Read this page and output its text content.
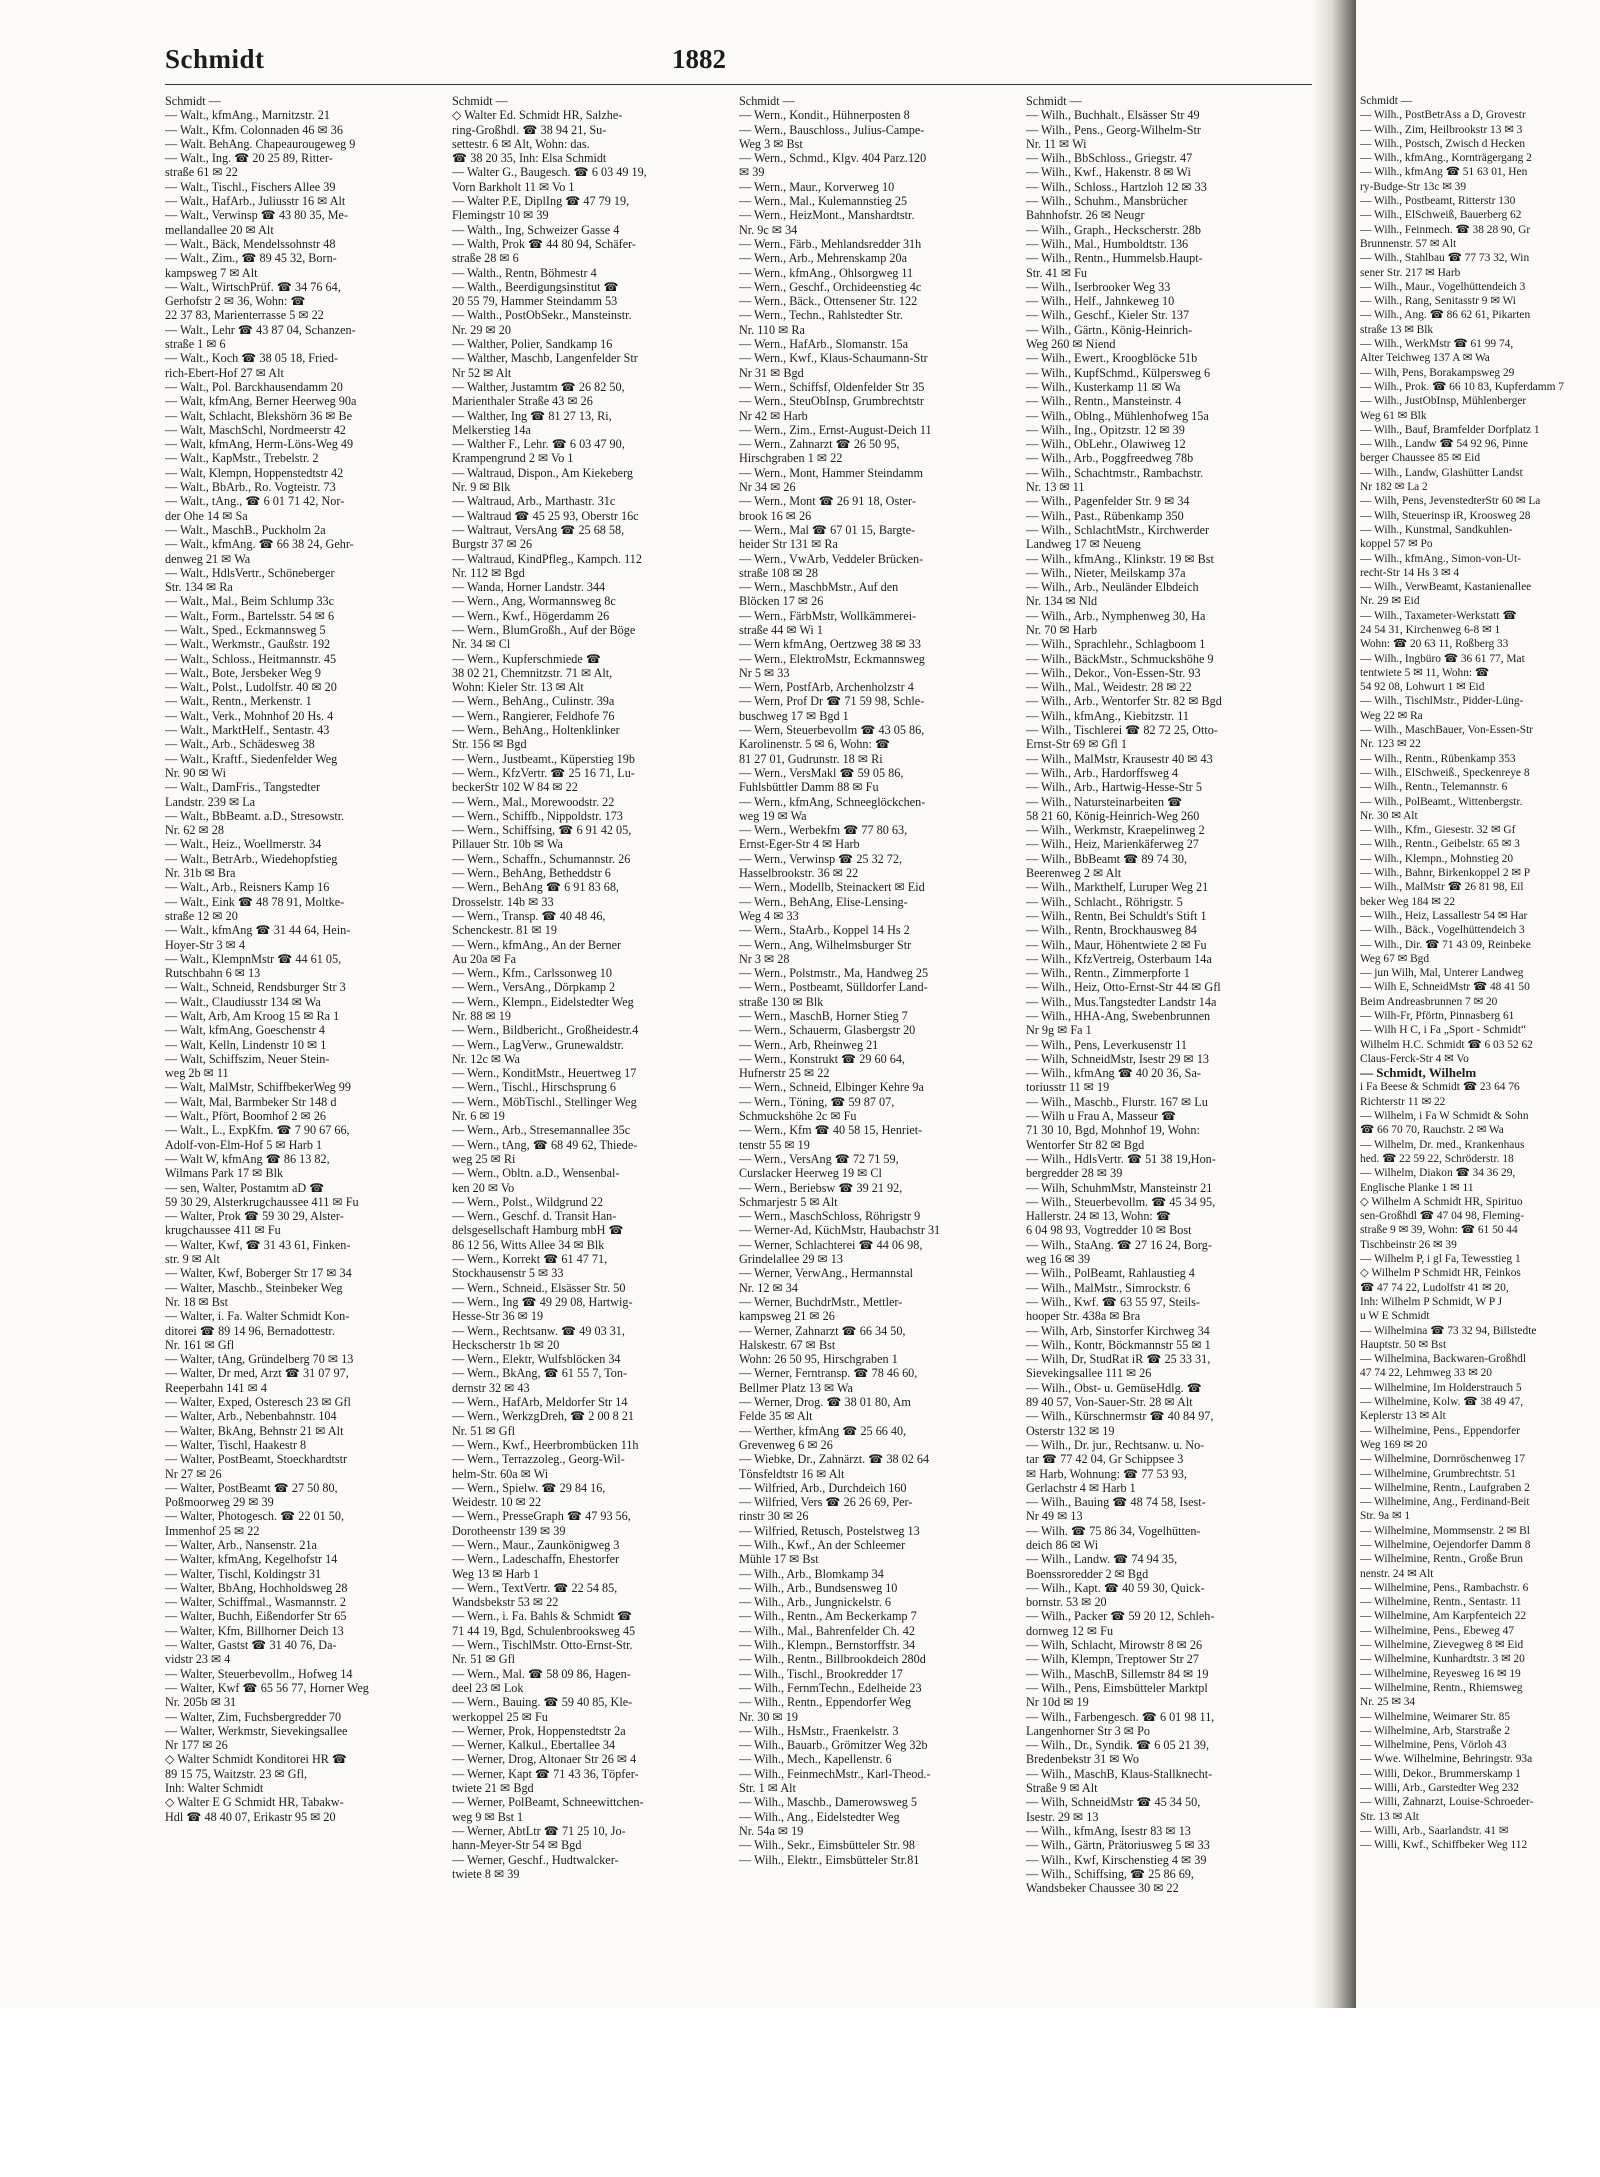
Schmidt	1882
Schmidt —
— Walt., kfmAng., Marnitzstr. 21
— Walt., Kfm. Colonnaden 46 ✉ 36
— Walt. BehAng. Chapeaurougeweg 9
— Walt., Ing. ☎ 20 25 89, Ritter-
straße 61 ✉ 22
— Walt., Tischl., Fischers Allee 39
— Walt., HafArb., Juliusstr 16 ✉ Alt
— Walt., Verwinsp ☎ 43 80 35, Me-
mellandallee 20 ✉ Alt
— Walt., Bäck, Mendelssohnstr 48
— Walt., Zim., ☎ 89 45 32, Born-
kampsweg 7 ✉ Alt
— Walt., WirtschPrüf. ☎ 34 76 64,
Gerhofstr 2 ✉ 36, Wohn: ☎
22 37 83, Marienterrasse 5 ✉ 22
— Walt., Lehr ☎ 43 87 04, Schanzen-
straße 1 ✉ 6
— Walt., Koch ☎ 38 05 18, Fried-
rich-Ebert-Hof 27 ✉ Alt
— Walt., Pol. Barckhausendamm 20
— Walt, kfmAng, Berner Heerweg 90a
— Walt, Schlacht, Blekshörn 36 ✉ Be
— Walt, MaschSchl, Nordmeerstr 42
— Walt, kfmAng, Herm-Löns-Weg 49
— Walt., KapMstr., Trebelstr. 2
— Walt, Klempn, Hoppenstedtstr 42
— Walt., BbArb., Ro. Vogteistr. 73
— Walt., tAng., ☎ 6 01 71 42, Nor-
der Ohe 14 ✉ Sa
— Walt., MaschB., Puckholm 2a
— Walt., kfmAng. ☎ 66 38 24, Gehr-
denweg 21 ✉ Wa
— Walt., HdlsVertr., Schöneberger
Str. 134 ✉ Ra
— Walt., Mal., Beim Schlump 33c
— Walt., Form., Bartelsstr. 54 ✉ 6
— Walt., Sped., Eckmannsweg 5
— Walt., Werkmstr., Gaußstr. 192
— Walt., Schloss., Heitmannstr. 45
— Walt., Bote, Jersbeker Weg 9
— Walt., Polst., Ludolfstr. 40 ✉ 20
— Walt., Rentn., Merkenstr. 1
— Walt., Verk., Mohnhof 20 Hs. 4
— Walt., MarktHelf., Sentastr. 43
— Walt., Arb., Schädesweg 38
— Walt., Kraftf., Siedenfelder Weg
Nr. 90 ✉ Wi
— Walt., DamFris., Tangstedter
Landstr. 239 ✉ La
— Walt., BbBeamt. a.D., Stresowstr.
Nr. 62 ✉ 28
— Walt., Heiz., Woellmerstr. 34
— Walt., BetrArb., Wiedehopfstieg
Nr. 31b ✉ Bra
— Walt., Arb., Reisners Kamp 16
— Walt., Eink ☎ 48 78 91, Moltke-
straße 12 ✉ 20
— Walt., kfmAng ☎ 31 44 64, Hein-
Hoyer-Str 3 ✉ 4
— Walt., KlempnMstr ☎ 44 61 05,
Rutschbahn 6 ✉ 13
— Walt., Schneid, Rendsburger Str 3
— Walt., Claudiusstr 134 ✉ Wa
— Walt, Arb, Am Kroog 15 ✉ Ra 1
— Walt, kfmAng, Goeschenstr 4
— Walt, Kelln, Lindenstr 10 ✉ 1
— Walt, Schiffszim, Neuer Stein-
weg 2b ✉ 11
— Walt, MalMstr, SchiffbekerWeg 99
— Walt, Mal, Barmbeker Str 148 d
— Walt., Pfört, Boomhof 2 ✉ 26
— Walt., L., ExpKfm. ☎ 7 90 67 66,
Adolf-von-Elm-Hof 5 ✉ Harb 1
— Walt W, kfmAng ☎ 86 13 82,
Wilmans Park 17 ✉ Blk
— sen, Walter, Postamtm aD ☎
59 30 29, Alsterkrugchaussee 411 ✉ Fu
— Walter, Prok ☎ 59 30 29, Alster-
krugchaussee 411 ✉ Fu
— Walter, Kwf, ☎ 31 43 61, Finken-
str. 9 ✉ Alt
— Walter, Kwf, Boberger Str 17 ✉ 34
— Walter, Maschb., Steinbeker Weg
Nr. 18 ✉ Bst
— Walter, i. Fa. Walter Schmidt Kon-
ditorei ☎ 89 14 96, Bernadottestr.
Nr. 161 ✉ Gfl
— Walter, tAng, Gründelberg 70 ✉ 13
— Walter, Dr med, Arzt ☎ 31 07 97,
Reeperbahn 141 ✉ 4
— Walter, Exped, Osteresch 23 ✉ Gfl
— Walter, Arb., Nebenbahnstr. 104
— Walter, BkAng, Behnstr 21 ✉ Alt
— Walter, Tischl, Haakestr 8
— Walter, PostBeamt, Stoeckhardtstr
Nr 27 ✉ 26
— Walter, PostBeamt ☎ 27 50 80,
Poßmoorweg 29 ✉ 39
— Walter, Photogesch. ☎ 22 01 50,
Immenhof 25 ✉ 22
— Walter, Arb., Nansenstr. 21a
— Walter, kfmAng, Kegelhofstr 14
— Walter, Tischl, Koldingstr 31
— Walter, BbAng, Hochholdsweg 28
— Walter, Schiffmal., Wasmannstr. 2
— Walter, Buchh, Eißendorfer Str 65
— Walter, Kfm, Billhorner Deich 13
— Walter, Gastst ☎ 31 40 76, Da-
vidstr 23 ✉ 4
— Walter, Steuerbevollm., Hofweg 14
— Walter, Kwf ☎ 65 56 77, Horner Weg
Nr. 205b ✉ 31
— Walter, Zim, Fuchsbergredder 70
— Walter, Werkmstr, Sievekingsallee
Nr 177 ✉ 26
◇ Walter Schmidt Konditorei HR ☎
89 15 75, Waitzstr. 23 ✉ Gfl,
Inh: Walter Schmidt
◇ Walter E G Schmidt HR, Tabakw-
Hdl ☎ 48 40 07, Erikastr 95 ✉ 20
Schmidt —
◇ Walter Ed. Schmidt HR, Salzhe-
ring-Großhdl. ☎ 38 94 21, Su-
settestr. 6 ✉ Alt, Wohn: das.
☎ 38 20 35, Inh: Elsa Schmidt
— Walter G., Baugesch. ☎ 6 03 49 19,
Vorn Barkholt 11 ✉ Vo 1
— Walter P.E, DiplIng ☎ 47 79 19,
Flemingstr 10 ✉ 39
— Walth., Ing, Schweizer Gasse 4
— Walth, Prok ☎ 44 80 94, Schäfer-
straße 28 ✉ 6
— Walth., Rentn, Böhmestr 4
— Walth., Beerdigungsinstitut ☎
20 55 79, Hammer Steindamm 53
— Walth., PostObSekr., Mansteinstr.
Nr. 29 ✉ 20
— Walther, Polier, Sandkamp 16
— Walther, Maschb, Langenfelder Str
Nr 52 ✉ Alt
— Walther, Justamtm ☎ 26 82 50,
Marienthaler Straße 43 ✉ 26
— Walther, Ing ☎ 81 27 13, Ri,
Melkerstieg 14a
— Walther F., Lehr. ☎ 6 03 47 90,
Krampengrund 2 ✉ Vo 1
— Waltraud, Dispon., Am Kiekeberg
Nr. 9 ✉ Blk
— Waltraud, Arb., Marthastr. 31c
— Waltraud ☎ 45 25 93, Oberstr 16c
— Waltraut, VersAng ☎ 25 68 58,
Burgstr 37 ✉ 26
— Waltraud, KindPfleg., Kampch. 112
Nr. 112 ✉ Bgd
— Wanda, Horner Landstr. 344
— Wern., Ang, Wormannsweg 8c
— Wern., Kwf., Högerdamm 26
— Wern., BlumGroßh., Auf der Böge
Nr. 34 ✉ Cl
— Wern., Kupferschmiede ☎
38 02 21, Chemnitzstr. 71 ✉ Alt,
Wohn: Kieler Str. 13 ✉ Alt
— Wern., BehAng., Culinstr. 39a
— Wern., Rangierer, Feldhofe 76
— Wern., BehAng., Holtenklinker
Str. 156 ✉ Bgd
— Wern., Justbeamt., Küperstieg 19b
— Wern., KfzVertr. ☎ 25 16 71, Lu-
beckerStr 102 W 84 ✉ 22
— Wern., Mal., Morewoodstr. 22
— Wern., Schiffb., Nippoldstr. 173
— Wern., Schiffsing, ☎ 6 91 42 05,
Pillauer Str. 10b ✉ Wa
— Wern., Schaffn., Schumannstr. 26
— Wern., BehAng, Betheddstr 6
— Wern., BehAng ☎ 6 91 83 68,
Drosselstr. 14b ✉ 33
— Wern., Transp. ☎ 40 48 46,
Schenckestr. 81 ✉ 19
— Wern., kfmAng., An der Berner
Au 20a ✉ Fa
— Wern., Kfm., Carlssonweg 10
— Wern., VersAng., Dörpkamp 2
— Wern., Klempn., Eidelstedter Weg
Nr. 88 ✉ 19
— Wern., Bildbericht., Großheidestr.4
— Wern., LagVerw., Grunewaldstr.
Nr. 12c ✉ Wa
— Wern., KonditMstr., Heuertweg 17
— Wern., Tischl., Hirschsprung 6
— Wern., MöbTischl., Stellinger Weg
Nr. 6 ✉ 19
— Wern., Arb., Stresemannallee 35c
— Wern., tAng, ☎ 68 49 62, Thiede-
weg 25 ✉ Ri
— Wern., Obltn. a.D., Wensenbal-
ken 20 ✉ Vo
— Wern., Polst., Wildgrund 22
— Wern., Geschf. d. Transit Han-
delsgesellschaft Hamburg mbH ☎
86 12 56, Witts Allee 34 ✉ Blk
— Wern., Korrekt ☎ 61 47 71,
Stockhausenstr 5 ✉ 33
— Wern., Schneid., Elsässer Str. 50
— Wern., Ing ☎ 49 29 08, Hartwig-
Hesse-Str 36 ✉ 19
— Wern., Rechtsanw. ☎ 49 03 31,
Heckscherstr 1b ✉ 20
— Wern., Elektr, Wulfsblöcken 34
— Wern., BkAng, ☎ 61 55 7, Ton-
dernstr 32 ✉ 43
— Wern., HafArb, Meldorfer Str 14
— Wern., WerkzgDreh, ☎ 2 00 8 21
Nr. 51 ✉ Gfl
— Wern., Kwf., Heerbrombücken 11h
— Wern., Terrazzoleg., Georg-Wil-
helm-Str. 60a ✉ Wi
— Wern., Spielw. ☎ 29 84 16,
Weidestr. 10 ✉ 22
— Wern., PresseGraph ☎ 47 93 56,
Dorotheenstr 139 ✉ 39
— Wern., Maur., Zaunkönigweg 3
— Wern., Ladeschaffn, Ehestorfer
Weg 13 ✉ Harb 1
— Wern., TextVertr. ☎ 22 54 85,
Wandsbekstr 53 ✉ 22
— Wern., i. Fa. Bahls & Schmidt ☎
71 44 19, Bgd, Schulenbrooksweg 45
— Wern., TischlMstr. Otto-Ernst-Str.
Nr. 51 ✉ Gfl
— Wern., Mal. ☎ 58 09 86, Hagen-
deel 23 ✉ Lok
— Wern., Bauing. ☎ 59 40 85, Kle-
werkoppel 25 ✉ Fu
— Werner, Prok, Hoppenstedtstr 2a
— Werner, Kalkul., Ebertallee 34
— Werner, Drog, Altonaer Str 26 ✉ 4
— Werner, Kapt ☎ 71 43 36, Töpfer-
twiete 21 ✉ Bgd
— Werner, PolBeamt, Schneewittchen-
weg 9 ✉ Bst 1
— Werner, AbtLtr ☎ 71 25 10, Jo-
hann-Meyer-Str 54 ✉ Bgd
— Werner, Geschf., Hudtwalcker-
twiete 8 ✉ 39
Schmidt —
— Wern., Kondit., Hühnerposten 8
— Wern., Bauschloss., Julius-Campe-
Weg 3 ✉ Bst
— Wern., Schmd., Klgv. 404 Parz.120
✉ 39
— Wern., Maur., Korverweg 10
— Wern., Mal., Kulemannstieg 25
— Wern., HeizMont., Manshardtstr.
Nr. 9c ✉ 34
— Wern., Färb., Mehlandsredder 31h
— Wern., Arb., Mehrenskamp 20a
— Wern., kfmAng., Ohlsorgweg 11
— Wern., Geschf., Orchideenstieg 4c
— Wern., Bäck., Ottensener Str. 122
— Wern., Techn., Rahlstedter Str.
Nr. 110 ✉ Ra
— Wern., HafArb., Slomanstr. 15a
— Wern., Kwf., Klaus-Schaumann-Str
Nr 31 ✉ Bgd
— Wern., Schiffsf, Oldenfelder Str 35
— Wern., SteuObInsp, Grumbrechtstr
Nr 42 ✉ Harb
— Wern., Zim., Ernst-August-Deich 11
— Wern., Zahnarzt ☎ 26 50 95,
Hirschgraben 1 ✉ 22
— Wern., Mont, Hammer Steindamm
Nr 34 ✉ 26
— Wern., Mont ☎ 26 91 18, Oster-
brook 16 ✉ 26
— Wern., Mal ☎ 67 01 15, Bargte-
heider Str 131 ✉ Ra
— Wern., VwArb, Veddeler Brücken-
straße 108 ✉ 28
— Wern., MaschbMstr., Auf den
Blöcken 17 ✉ 26
— Wern., FärbMstr, Wollkämmerei-
straße 44 ✉ Wi 1
— Wern kfmAng, Oertzweg 38 ✉ 33
— Wern., ElektroMstr, Eckmannsweg
Nr 5 ✉ 33
— Wern, PostfArb, Archenholzstr 4
— Wern, Prof Dr ☎ 71 59 98, Schle-
buschweg 17 ✉ Bgd 1
— Wern, Steuerbevollm ☎ 43 05 86,
Karolinenstr. 5 ✉ 6, Wohn: ☎
81 27 01, Gudrunstr. 18 ✉ Ri
— Wern., VersMakl ☎ 59 05 86,
Fuhlsbüttler Damm 88 ✉ Fu
— Wern., kfmAng, Schneeglöckchen-
weg 19 ✉ Wa
— Wern., Werbekfm ☎ 77 80 63,
Ernst-Eger-Str 4 ✉ Harb
— Wern., Verwinsp ☎ 25 32 72,
Hasselbrookstr. 36 ✉ 22
— Wern., Modellb, Steinackert ✉ Eid
— Wern., BehAng, Elise-Lensing-
Weg 4 ✉ 33
— Wern., StaArb., Koppel 14 Hs 2
— Wern., Ang, Wilhelmsburger Str
Nr 3 ✉ 28
— Wern., Polstmstr., Ma, Handweg 25
— Wern., Postbeamt, Sülldorfer Land-
straße 130 ✉ Blk
— Wern., MaschB, Horner Stieg 7
— Wern., Schauerm, Glasbergstr 20
— Wern., Arb, Rheinweg 21
— Wern., Konstrukt ☎ 29 60 64,
Hufnerstr 25 ✉ 22
— Wern., Schneid, Elbinger Kehre 9a
— Wern., Töning, ☎ 59 87 07,
Schmuckshöhe 2c ✉ Fu
— Wern., Kfm ☎ 40 58 15, Henriet-
tenstr 55 ✉ 19
— Wern., VersAng ☎ 72 71 59,
Curslacker Heerweg 19 ✉ Cl
— Wern., Beriebsw ☎ 39 21 92,
Schmarjestr 5 ✉ Alt
— Wern., MaschSchloss, Röhrigstr 9
— Werner-Ad, KüchMstr, Haubachstr 31
— Werner, Schlachterei ☎ 44 06 98,
Grindelallee 29 ✉ 13
— Werner, VerwAng., Hermannstal
Nr. 12 ✉ 34
— Werner, BuchdrMstr., Mettler-
kampsweg 21 ✉ 26
— Werner, Zahnarzt ☎ 66 34 50,
Halskestr. 67 ✉ Bst
Wohn: 26 50 95, Hirschgraben 1
— Werner, Ferntransp. ☎ 78 46 60,
Bellmer Platz 13 ✉ Wa
— Werner, Drog. ☎ 38 01 80, Am
Felde 35 ✉ Alt
— Werther, kfmAng ☎ 25 66 40,
Grevenweg 6 ✉ 26
— Wiebke, Dr., Zahnärzt. ☎ 38 02 64
Tönsfeldtstr 16 ✉ Alt
— Wilfried, Arb., Durchdeich 160
— Wilfried, Vers ☎ 26 26 69, Per-
rinstr 30 ✉ 26
— Wilfried, Retusch, Postelstweg 13
— Wilh., Kwf., An der Schleemer
Mühle 17 ✉ Bst
— Wilh., Arb., Blomkamp 34
— Wilh., Arb., Bundsensweg 10
— Wilh., Arb., Jungnickelstr. 6
— Wilh., Rentn., Am Beckerkamp 7
— Wilh., Mal., Bahrenfelder Ch. 42
— Wilh., Klempn., Bernstorffstr. 34
— Wilh., Rentn., Billbrookdeich 280d
— Wilh., Tischl., Brookredder 17
— Wilh., FernmTechn., Edelheide 23
— Wilh., Rentn., Eppendorfer Weg
Nr. 30 ✉ 19
— Wilh., HsMstr., Fraenkelstr. 3
— Wilh., Bauarb., Grömitzer Weg 32b
— Wilh., Mech., Kapellenstr. 6
— Wilh., FeinmechMstr., Karl-Theod.-
Str. 1 ✉ Alt
— Wilh., Maschb., Damerowsweg 5
— Wilh., Ang., Eidelstedter Weg
Nr. 54a ✉ 19
— Wilh., Sekr., Eimsbütteler Str. 98
— Wilh., Elektr., Eimsbütteler Str.81
Schmidt —
— Wilh., Buchhalt., Elsässer Str 49
— Wilh., Pens., Georg-Wilhelm-Str
Nr. 11 ✉ Wi
— Wilh., BbSchloss., Griegstr. 47
— Wilh., Kwf., Hakenstr. 8 ✉ Wi
— Wilh., Schloss., Hartzloh 12 ✉ 33
— Wilh., Schuhm., Mansbrücher
Bahnhofstr. 26 ✉ Neugr
— Wilh., Graph., Heckscherstr. 28b
— Wilh., Mal., Humboldtstr. 136
— Wilh., Rentn., Hummelsb.Haupt-
Str. 41 ✉ Fu
— Wilh., Iserbrooker Weg 33
— Wilh., Helf., Jahnkeweg 10
— Wilh., Geschf., Kieler Str. 137
— Wilh., Gärtn., König-Heinrich-
Weg 260 ✉ Niend
— Wilh., Ewert., Kroogblöcke 51b
— Wilh., KupfSchmd., Külpersweg 6
— Wilh., Kusterkamp 11 ✉ Wa
— Wilh., Rentn., Mansteinstr. 4
— Wilh., Oblng., Mühlenhofweg 15a
— Wilh., Ing., Opitzstr. 12 ✉ 39
— Wilh., ObLehr., Olawiweg 12
— Wilh., Arb., Poggfreedweg 78b
— Wilh., Schachtmstr., Rambachstr.
Nr. 13 ✉ 11
— Wilh., Pagenfelder Str. 9 ✉ 34
— Wilh., Past., Rübenkamp 350
— Wilh., SchlachtMstr., Kirchwerder
Landweg 17 ✉ Neueng
— Wilh., kfmAng., Klinkstr. 19 ✉ Bst
— Wilh., Nieter, Meilskamp 37a
— Wilh., Arb., Neuländer Elbdeich
Nr. 134 ✉ Nld
— Wilh., Arb., Nymphenweg 30, Ha
Nr. 70 ✉ Harb
— Wilh., Sprachlehr., Schlagboom 1
— Wilh., BäckMstr., Schmuckshöhe 9
— Wilh., Dekor., Von-Essen-Str. 93
— Wilh., Mal., Weidestr. 28 ✉ 22
— Wilh., Arb., Wentorfer Str. 82 ✉ Bgd
— Wilh., kfmAng., Kiebitzstr. 11
— Wilh., Tischlerei ☎ 82 72 25, Otto-
Ernst-Str 69 ✉ Gfl 1
— Wilh., MalMstr, Krausestr 40 ✉ 43
— Wilh., Arb., Hardorffsweg 4
— Wilh., Arb., Hartwig-Hesse-Str 5
— Wilh., Natursteinarbeiten ☎
58 21 60, König-Heinrich-Weg 260
— Wilh., Werkmstr, Kraepelinweg 2
— Wilh., Heiz, Marienkäferweg 27
— Wilh., BbBeamt ☎ 89 74 30,
Beerenweg 2 ✉ Alt
— Wilh., Markthelf, Luruper Weg 21
— Wilh., Schlacht., Röhrigstr. 5
— Wilh., Rentn, Bei Schuldt's Stift 1
— Wilh., Rentn, Brockhausweg 84
— Wilh., Maur, Höhentwiete 2 ✉ Fu
— Wilh., KfzVertreig, Osterbaum 14a
— Wilh., Rentn., Zimmerpforte 1
— Wilh., Heiz, Otto-Ernst-Str 44 ✉ Gfl
— Wilh., Mus.Tangstedter Landstr 14a
— Wilh., HHA-Ang, Swebenbrunnen
Nr 9g ✉ Fa 1
— Wilh., Pens, Leverkusenstr 11
— Wilh, SchneidMstr, Isestr 29 ✉ 13
— Wilh., kfmAng ☎ 40 20 36, Sa-
toriusstr 11 ✉ 19
— Wilh., Maschb., Flurstr. 167 ✉ Lu
— Wilh u Frau A, Masseur ☎
71 30 10, Bgd, Mohnhof 19, Wohn:
Wentorfer Str 82 ✉ Bgd
— Wilh., HdlsVertr. ☎ 51 38 19,Hon-
bergredder 28 ✉ 39
— Wilh, SchuhmMstr, Mansteinstr 21
— Wilh., Steuerbevollm. ☎ 45 34 95,
Hallerstr. 24 ✉ 13, Wohn: ☎
6 04 98 93, Vogtredder 10 ✉ Bost
— Wilh., StaAng. ☎ 27 16 24, Borg-
weg 16 ✉ 39
— Wilh., PolBeamt, Rahlaustieg 4
— Wilh., MalMstr., Simrockstr. 6
— Wilh., Kwf. ☎ 63 55 97, Steils-
hooper Str. 438a ✉ Bra
— Wilh, Arb, Sinstorfer Kirchweg 34
— Wilh., Kontr, Böckmannstr 55 ✉ 1
— Wilh, Dr, StudRat iR ☎ 25 33 31,
Sievekingsallee 111 ✉ 26
— Wilh., Obst- u. GemüseHdlg. ☎
89 40 57, Von-Sauer-Str. 28 ✉ Alt
— Wilh., Kürschnermstr ☎ 40 84 97,
Osterstr 132 ✉ 19
— Wilh., Dr. jur., Rechtsanw. u. No-
tar ☎ 77 42 04, Gr Schippsee 3
✉ Harb, Wohnung: ☎ 77 53 93,
Gerlachstr 4 ✉ Harb 1
— Wilh., Bauing ☎ 48 74 58, Isest-
Nr 49 ✉ 13
— Wilh. ☎ 75 86 34, Vogelhütten-
deich 86 ✉ Wi
— Wilh., Landw. ☎ 74 94 35,
Boenssroredder 2 ✉ Bgd
— Wilh., Kapt. ☎ 40 59 30, Quick-
bornstr. 53 ✉ 20
— Wilh., Packer ☎ 59 20 12, Schleh-
dornweg 12 ✉ Fu
— Wilh, Schlacht, Mirowstr 8 ✉ 26
— Wilh, Klempn, Treptower Str 27
— Wilh., MaschB, Sillemstr 84 ✉ 19
— Wilh., Pens, Eimsbütteler Marktpl
Nr 10d ✉ 19
— Wilh., Farbengesch. ☎ 6 01 98 11,
Langenhorner Str 3 ✉ Po
— Wilh., Dr., Syndik. ☎ 6 05 21 39,
Bredenbekstr 31 ✉ Wo
— Wilh., MaschB, Klaus-Stallknecht-
Straße 9 ✉ Alt
— Wilh, SchneidMstr ☎ 45 34 50,
Isestr. 29 ✉ 13
— Wilh., kfmAng, Isestr 83 ✉ 13
— Wilh., Gärtn, Prätoriusweg 5 ✉ 33
— Wilh., Kwf, Kirschenstieg 4 ✉ 39
— Wilh., Schiffsing, ☎ 25 86 69,
Wandsbeker Chaussee 30 ✉ 22
Schmidt —
— Wilh., PostBetrAss a D, Grovestr
— Wilh., Zim, Heilbrookstr 13 ✉ 3
— Wilh., Postsch, Zwisch d Hecken
— Wilh., kfmAng., Kornträgergang 2
— Wilh., kfmAng ☎ 51 63 01, Hen
ry-Budge-Str 13c ✉ 39
— Wilh., Postbeamt, Ritterstr 130
— Wilh., ElSchweiß, Bauerberg 62
— Wilh., Feinmech. ☎ 38 28 90, Gr
Brunnenstr. 57 ✉ Alt
— Wilh., Stahlbau ☎ 77 73 32, Win
sener Str. 217 ✉ Harb
— Wilh., Maur., Vogelhüttendeich 3
— Wilh., Rang, Senitasstr 9 ✉ Wi
— Wilh., Ang. ☎ 86 62 61, Pikarten
straße 13 ✉ Blk
— Wilh., WerkMstr ☎ 61 99 74,
Alter Teichweg 137 A ✉ Wa
— Wilh, Pens, Borakampsweg 29
— Wilh., Prok. ☎ 66 10 83, Kupferdamm 7
— Wilh., JustObInsp, Mühlenberger
Weg 61 ✉ Blk
— Wilh., Bauf, Bramfelder Dorfplatz 1
— Wilh., Landw ☎ 54 92 96, Pinne
berger Chaussee 85 ✉ Eid
— Wilh., Landw, Glashütter Landst
Nr 182 ✉ La 2
— Wilh, Pens, JevenstedterStr 60 ✉ La
— Wilh, Steuerinsp iR, Kroosweg 28
— Wilh., Kunstmal, Sandkuhlen-
koppel 57 ✉ Po
— Wilh., kfmAng., Simon-von-Ut-
recht-Str 14 Hs 3 ✉ 4
— Wilh., VerwBeamt, Kastanienallee
Nr. 29 ✉ Eid
— Wilh., Taxameter-Werkstatt ☎
24 54 31, Kirchenweg 6-8 ✉ 1
Wohn: ☎ 20 63 11, Roßberg 33
— Wilh., Ingbüro ☎ 36 61 77, Mat
tentwiete 5 ✉ 11, Wohn: ☎
54 92 08, Lohwurt 1 ✉ Eid
— Wilh., TischlMstr., Pidder-Lüng-
Weg 22 ✉ Ra
— Wilh., MaschBauer, Von-Essen-Str
Nr. 123 ✉ 22
— Wilh., Rentn., Rübenkamp 353
— Wilh., ElSchweiß., Speckenreye 8
— Wilh., Rentn., Telemannstr. 6
— Wilh., PolBeamt., Wittenbergstr.
Nr. 30 ✉ Alt
— Wilh., Kfm., Giesestr. 32 ✉ Gf
— Wilh., Rentn., Geibelstr. 65 ✉ 3
— Wilh., Klempn., Mohnstieg 20
— Wilh., Bahnr, Birkenkoppel 2 ✉ P
— Wilh., MalMstr ☎ 26 81 98, Eil
beker Weg 184 ✉ 22
— Wilh., Heiz, Lassallestr 54 ✉ Har
— Wilh., Bäck., Vogelhüttendeich 3
— Wilh., Dir. ☎ 71 43 09, Reinbeke
Weg 67 ✉ Bgd
— jun Wilh, Mal, Unterer Landweg
— Wilh E, SchneidMstr ☎ 48 41 50
Beim Andreasbrunnen 7 ✉ 20
— Wilh-Fr, Pförtn, Pinnasberg 61
— Wilh H C, i Fa „Sport - Schmidt“
Wilhelm H.C. Schmidt ☎ 6 03 52 62
Claus-Ferck-Str 4 ✉ Vo
— Schmidt, Wilhelm
i Fa Beese & Schmidt ☎ 23 64 76
Richterstr 11 ✉ 22
— Wilhelm, i Fa W Schmidt & Sohn
☎ 66 70 70, Rauchstr. 2 ✉ Wa
— Wilhelm, Dr. med., Krankenhaus
hed. ☎ 22 59 22, Schröderstr. 18
— Wilhelm, Diakon ☎ 34 36 29,
Englische Planke 1 ✉ 11
◇ Wilhelm A Schmidt HR, Spirituo
sen-Großhdl ☎ 47 04 98, Fleming-
straße 9 ✉ 39, Wohn: ☎ 61 50 44
Tischbeinstr 26 ✉ 39
— Wilhelm P, i gl Fa, Tewesstieg 1
◇ Wilhelm P Schmidt HR, Feinkos
☎ 47 74 22, Ludolfstr 41 ✉ 20,
Inh: Wilhelm P Schmidt, W P J
u W E Schmidt
— Wilhelmina ☎ 73 32 94, Billstedte
Hauptstr. 50 ✉ Bst
— Wilhelmina, Backwaren-Großhdl
47 74 22, Lehmweg 33 ✉ 20
— Wilhelmine, Im Holderstrauch 5
— Wilhelmine, Kolw. ☎ 38 49 47,
Keplerstr 13 ✉ Alt
— Wilhelmine, Pens., Eppendorfer
Weg 169 ✉ 20
— Wilhelmine, Dornröschenweg 17
— Wilhelmine, Grumbrechtstr. 51
— Wilhelmine, Rentn., Laufgraben 2
— Wilhelmine, Ang., Ferdinand-Beit
Str. 9a ✉ 1
— Wilhelmine, Mommsenstr. 2 ✉ Bl
— Wilhelmine, Oejendorfer Damm 8
— Wilhelmine, Rentn., Große Brun
nenstr. 24 ✉ Alt
— Wilhelmine, Pens., Rambachstr. 6
— Wilhelmine, Rentn., Sentastr. 11
— Wilhelmine, Am Karpfenteich 22
— Wilhelmine, Pens., Ebeweg 47
— Wilhelmine, Zievegweg 8 ✉ Eid
— Wilhelmine, Kunhardtstr. 3 ✉ 20
— Wilhelmine, Reyesweg 16 ✉ 19
— Wilhelmine, Rentn., Rhiemsweg
Nr. 25 ✉ 34
— Wilhelmine, Weimarer Str. 85
— Wilhelmine, Arb, Starstraße 2
— Wilhelmine, Pens, Vörloh 43
— Wwe. Wilhelmine, Behringstr. 93a
— Willi, Dekor., Brummerskamp 1
— Willi, Arb., Garstedter Weg 232
— Willi, Zahnarzt, Louise-Schroeder-
Str. 13 ✉ Alt
— Willi, Arb., Saarlandstr. 41 ✉
— Willi, Kwf., Schiffbeker Weg 112
